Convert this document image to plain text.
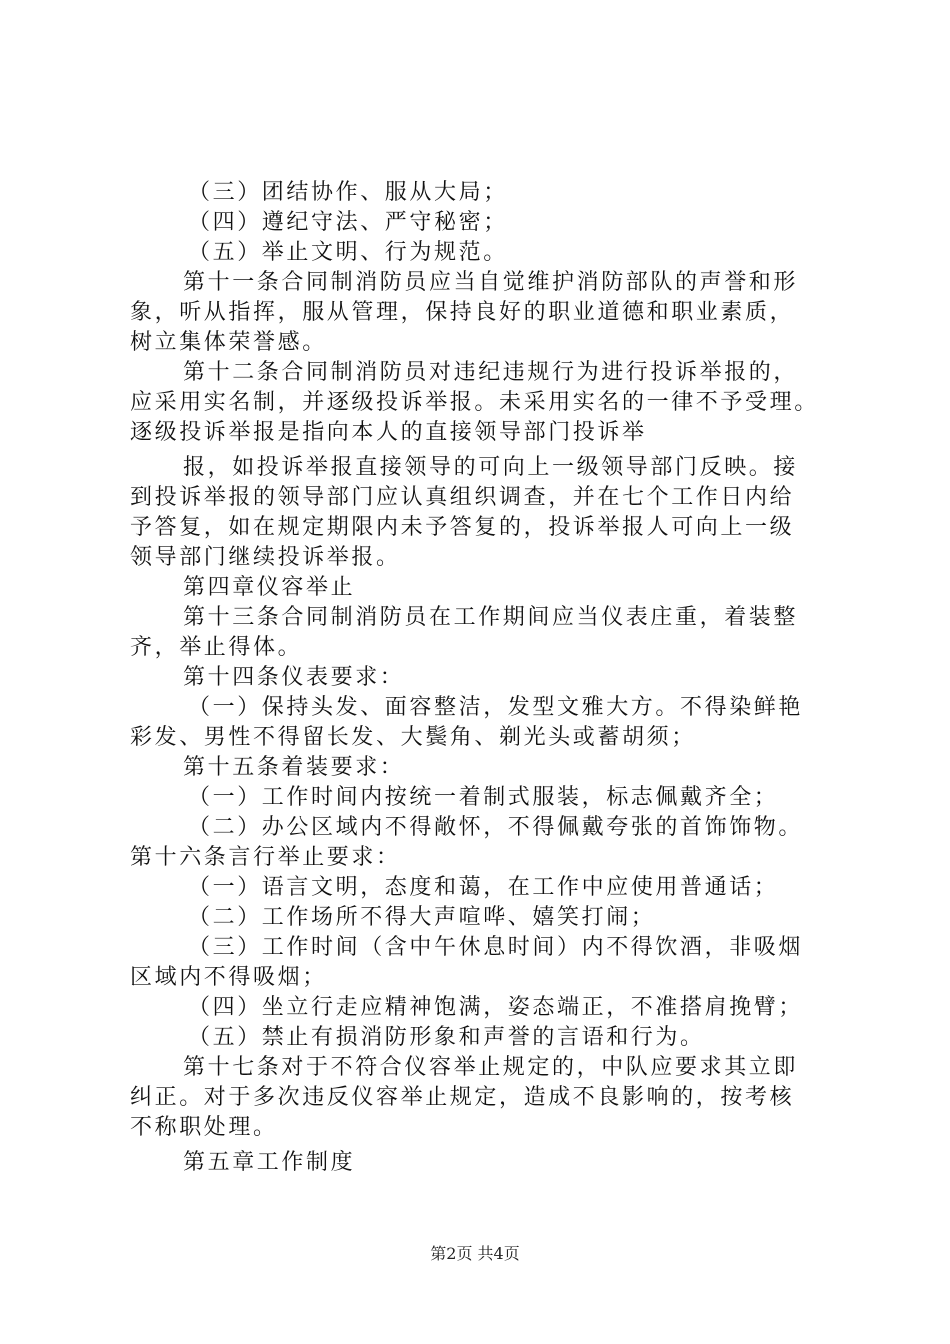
（三）团结协作、服从大局；
（四）遵纪守法、严守秘密；
（五）举止文明、行为规范。
第十一条合同制消防员应当自觉维护消防部队的声誉和形
象，听从指挥，服从管理，保持良好的职业道德和职业素质，
树立集体荣誉感。
第十二条合同制消防员对违纪违规行为进行投诉举报的，
应采用实名制，并逐级投诉举报。未采用实名的一律不予受理。
逐级投诉举报是指向本人的直接领导部门投诉举
报，如投诉举报直接领导的可向上一级领导部门反映。接
到投诉举报的领导部门应认真组织调查，并在七个工作日内给
予答复，如在规定期限内未予答复的，投诉举报人可向上一级
领导部门继续投诉举报。
第四章仪容举止
第十三条合同制消防员在工作期间应当仪表庄重，着装整
齐，举止得体。
第十四条仪表要求：
（一）保持头发、面容整洁，发型文雅大方。不得染鲜艳
彩发、男性不得留长发、大鬓角、剃光头或蓄胡须；
第十五条着装要求：
（一）工作时间内按统一着制式服装，标志佩戴齐全；
（二）办公区域内不得敞怀，不得佩戴夸张的首饰饰物。
第十六条言行举止要求：
（一）语言文明，态度和蔼，在工作中应使用普通话；
（二）工作场所不得大声喧哗、嬉笑打闹；
（三）工作时间（含中午休息时间）内不得饮酒，非吸烟
区域内不得吸烟；
（四）坐立行走应精神饱满，姿态端正，不准搭肩挽臂；
（五）禁止有损消防形象和声誉的言语和行为。
第十七条对于不符合仪容举止规定的，中队应要求其立即
纠正。对于多次违反仪容举止规定，造成不良影响的，按考核
不称职处理。
第五章工作制度
第2页 共4页
